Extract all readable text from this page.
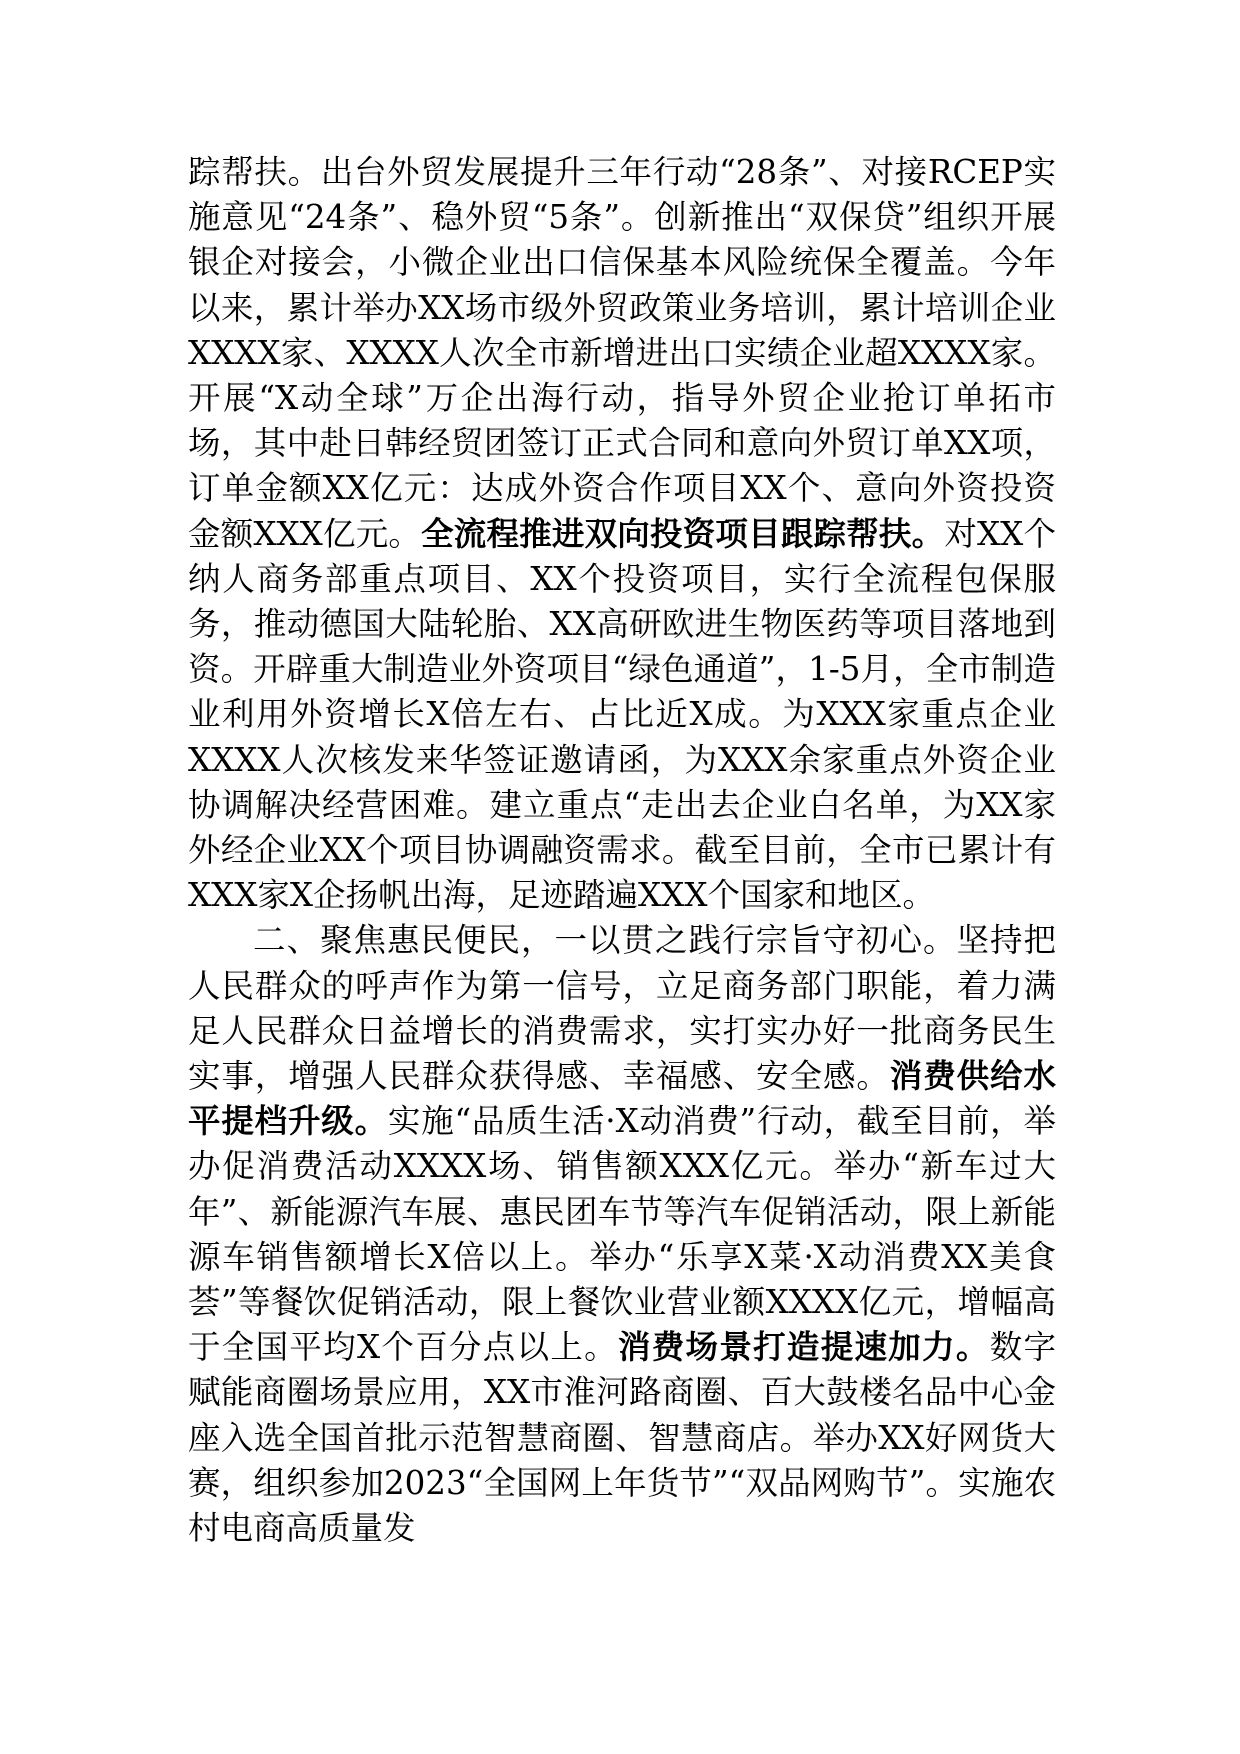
踪帮扶。出台外贸发展提升三年行动“28条”、对接RCEP实施意见“24条”、稳外贸“5条”。创新推出“双保贷”组织开展银企对接会，小微企业出口信保基本风险统保全覆盖。今年以来，累计举办XX场市级外贸政策业务培训，累计培训企业XXXX家、XXXX人次全市新增进出口实绩企业超XXXX家。开展“X动全球”万企出海行动，指导外贸企业抢订单拓市场，其中赴日韩经贸团签订正式合同和意向外贸订单XX项，订单金额XX亿元：达成外资合作项目XX个、意向外资投资金额XXX亿元。全流程推进双向投资项目跟踪帮扶。对XX个纳人商务部重点项目、XX个投资项目，实行全流程包保服务，推动德国大陆轮胎、XX高研欧进生物医药等项目落地到资。开辟重大制造业外资项目“绿色通道”，1-5月，全市制造业利用外资增长X倍左右、占比近X成。为XXX家重点企业XXXX人次核发来华签证邀请函，为XXX余家重点外资企业协调解决经营困难。建立重点“走出去企业白名单，为XX家外经企业XX个项目协调融资需求。截至目前，全市已累计有XXX家X企扬帆出海，足迹踏遍XXX个国家和地区。

二、聚焦惠民便民，一以贯之践行宗旨守初心。坚持把人民群众的呼声作为第一信号，立足商务部门职能，着力满足人民群众日益增长的消费需求，实打实办好一批商务民生实事，增强人民群众获得感、幸福感、安全感。消费供给水平提档升级。实施“品质生活·X动消费”行动，截至目前，举办促消费活动XXXX场、销售额XXX亿元。举办“新车过大年”、新能源汽车展、惠民团车节等汽车促销活动，限上新能源车销售额增长X倍以上。举办“乐享X菜·X动消费XX美食荟”等餐饮促销活动，限上餐饮业营业额XXXX亿元，增幅高于全国平均X个百分点以上。消费场景打造提速加力。数字赋能商圈场景应用，XX市淮河路商圈、百大鼓楼名品中心金座入选全国首批示范智慧商圈、智慧商店。举办XX好网货大赛，组织参加2023“全国网上年货节”“双品网购节”。实施农村电商高质量发
